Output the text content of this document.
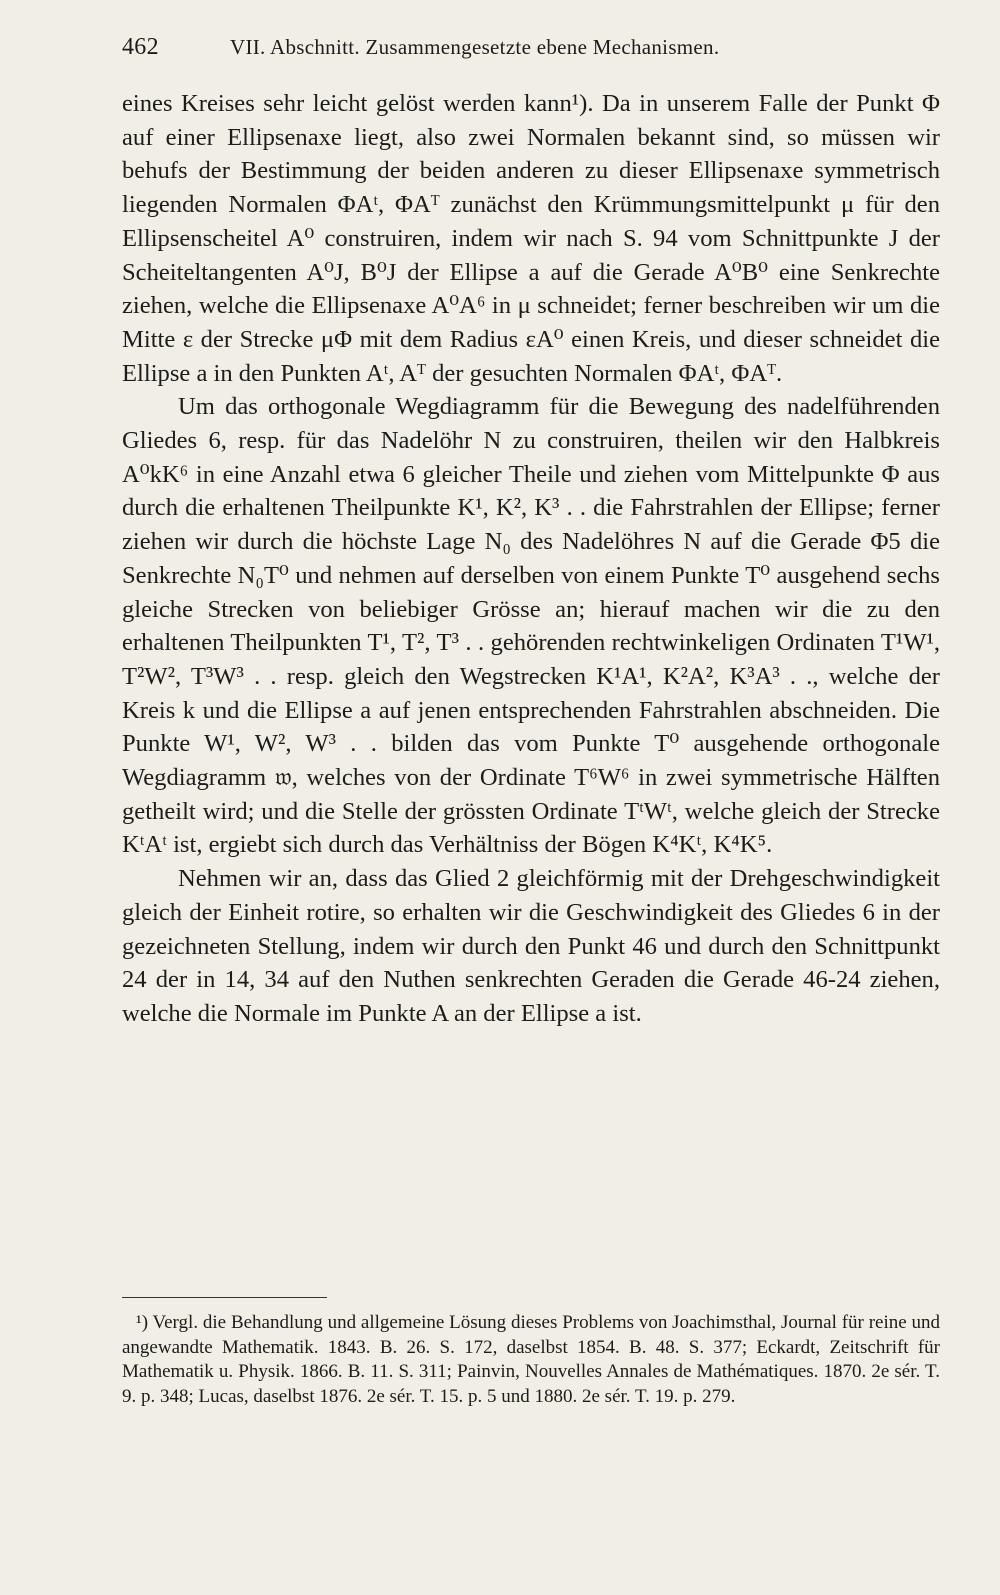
462	VII. Abschnitt. Zusammengesetzte ebene Mechanismen.

eines Kreises sehr leicht gelöst werden kann¹). Da in unserem Falle der Punkt Φ auf einer Ellipsenaxe liegt, also zwei Normalen bekannt sind, so müssen wir behufs der Bestimmung der beiden anderen zu dieser Ellipsenaxe symmetrisch liegenden Normalen ΦAᵗ, ΦAᵀ zunächst den Krümmungsmittelpunkt μ für den Ellipsenscheitel A⁰ construiren, indem wir nach S. 94 vom Schnittpunkte J der Scheiteltangenten A⁰J, B⁰J der Ellipse a auf die Gerade A⁰B⁰ eine Senkrechte ziehen, welche die Ellipsenaxe A⁰A⁶ in μ schneidet; ferner beschreiben wir um die Mitte ε der Strecke μΦ mit dem Radius εA⁰ einen Kreis, und dieser schneidet die Ellipse a in den Punkten Aᵗ, Aᵀ der gesuchten Normalen ΦAᵗ, ΦAᵀ.

Um das orthogonale Wegdiagramm für die Bewegung des nadelführenden Gliedes 6, resp. für das Nadelöhr N zu construiren, theilen wir den Halbkreis A⁰kK⁶ in eine Anzahl etwa 6 gleicher Theile und ziehen vom Mittelpunkte Φ aus durch die erhaltenen Theilpunkte K¹, K², K³ . . die Fahrstrahlen der Ellipse; ferner ziehen wir durch die höchste Lage N₀ des Nadelöhres N auf die Gerade Φ5 die Senkrechte N₀T⁰ und nehmen auf derselben von einem Punkte T⁰ ausgehend sechs gleiche Strecken von beliebiger Grösse an; hierauf machen wir die zu den erhaltenen Theilpunkten T¹, T², T³ . . gehörenden rechtwinkeligen Ordinaten T¹W¹, T²W², T³W³ . . resp. gleich den Wegstrecken K¹A¹, K²A², K³A³ . ., welche der Kreis k und die Ellipse a auf jenen entsprechenden Fahrstrahlen abschneiden. Die Punkte W¹, W², W³ . . bilden das vom Punkte T⁰ ausgehende orthogonale Wegdiagramm 𝔴, welches von der Ordinate T⁶W⁶ in zwei symmetrische Hälften getheilt wird; und die Stelle der grössten Ordinate TᵗWᵗ, welche gleich der Strecke KᵗAᵗ ist, ergiebt sich durch das Verhältniss der Bögen K⁴Kᵗ, K⁴K⁵.

Nehmen wir an, dass das Glied 2 gleichförmig mit der Drehgeschwindigkeit gleich der Einheit rotire, so erhalten wir die Geschwindigkeit des Gliedes 6 in der gezeichneten Stellung, indem wir durch den Punkt 46 und durch den Schnittpunkt 24 der in 14, 34 auf den Nuthen senkrechten Geraden die Gerade 46-24 ziehen, welche die Normale im Punkte A an der Ellipse a ist.

¹) Vergl. die Behandlung und allgemeine Lösung dieses Problems von Joachimsthal, Journal für reine und angewandte Mathematik. 1843. B. 26. S. 172, daselbst 1854. B. 48. S. 377; Eckardt, Zeitschrift für Mathematik u. Physik. 1866. B. 11. S. 311; Painvin, Nouvelles Annales de Mathématiques. 1870. 2e sér. T. 9. p. 348; Lucas, daselbst 1876. 2e sér. T. 15. p. 5 und 1880. 2e sér. T. 19. p. 279.
